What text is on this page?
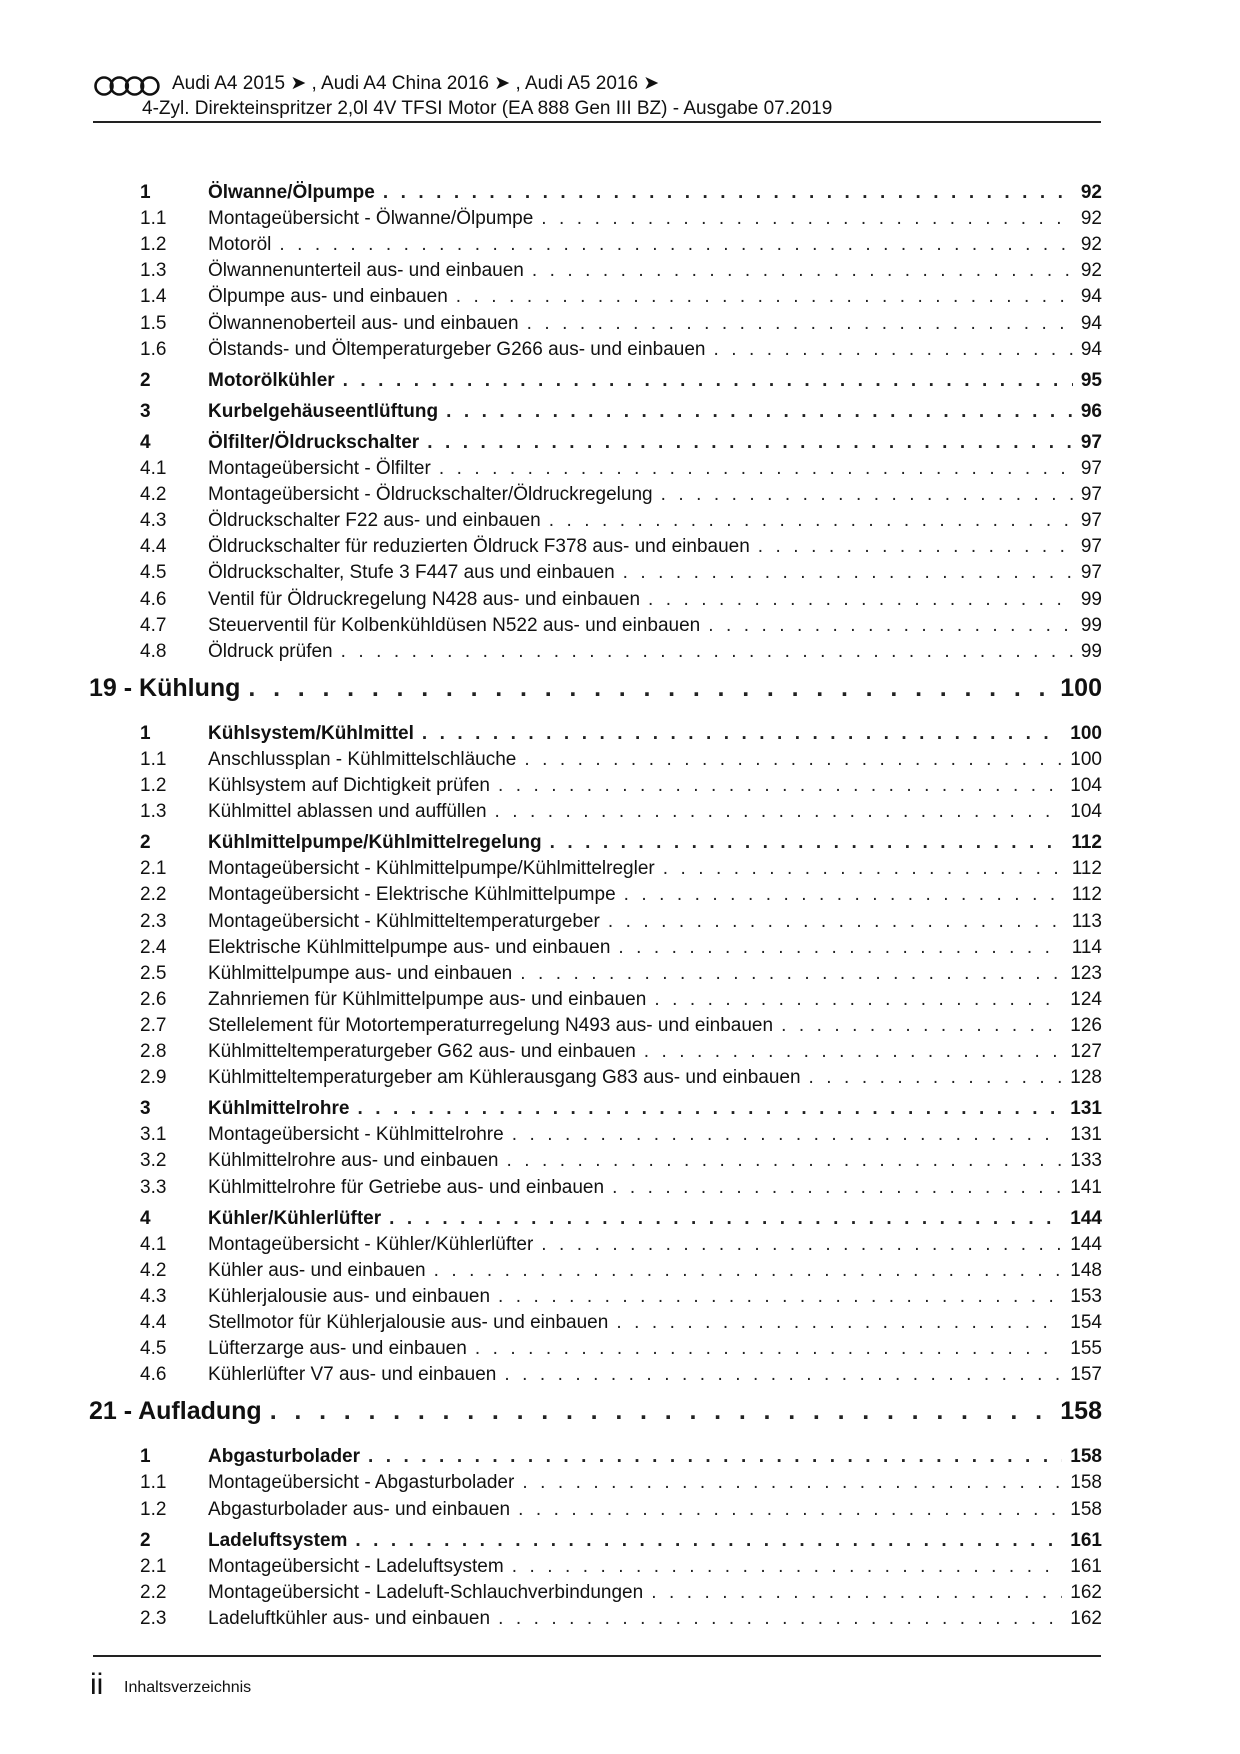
Audi A4 2015 ➤ , Audi A4 China 2016 ➤ , Audi A5 2016 ➤
4-Zyl. Direkteinspritzer 2,0l 4V TFSI Motor (EA 888 Gen III BZ) - Ausgabe 07.2019
1	Ölwanne/Ölpumpe . . .	92
1.1 Montageübersicht - Ölwanne/Ölpumpe . . .	92
1.2 Motoröl . . .	92
1.3 Ölwannenunterteil aus- und einbauen . . .	92
1.4 Ölpumpe aus- und einbauen . . .	94
1.5 Ölwannenoberteil aus- und einbauen . . .	94
1.6 Ölstands- und Öltemperaturgeber G266 aus- und einbauen . . .	94
2	Motorölkühler . . .	95
3	Kurbelgehäuseentlüftung . . .	96
4	Ölfilter/Öldruckschalter . . .	97
4.1 Montageübersicht - Ölfilter . . .	97
4.2 Montageübersicht - Öldruckschalter/Öldruckregelung . . .	97
4.3 Öldruckschalter F22 aus- und einbauen . . .	97
4.4 Öldruckschalter für reduzierten Öldruck F378 aus- und einbauen . . .	97
4.5 Öldruckschalter, Stufe 3 F447 aus und einbauen . . .	97
4.6 Ventil für Öldruckregelung N428 aus- und einbauen . . .	99
4.7 Steuerventil für Kolbenkühldüsen N522 aus- und einbauen . . .	99
4.8 Öldruck prüfen . . .	99
19 - Kühlung . . .	100
1	Kühlsystem/Kühlmittel . . .	100
1.1 Anschlussplan - Kühlmittelschläuche . . .	100
1.2 Kühlsystem auf Dichtigkeit prüfen . . .	104
1.3 Kühlmittel ablassen und auffüllen . . .	104
2	Kühlmittelpumpe/Kühlmittelregelung . . .	112
2.1 Montageübersicht - Kühlmittelpumpe/Kühlmittelregler . . .	112
2.2 Montageübersicht - Elektrische Kühlmittelpumpe . . .	112
2.3 Montageübersicht - Kühlmitteltemperaturgeber . . .	113
2.4 Elektrische Kühlmittelpumpe aus- und einbauen . . .	114
2.5 Kühlmittelpumpe aus- und einbauen . . .	123
2.6 Zahnriemen für Kühlmittelpumpe aus- und einbauen . . .	124
2.7 Stellelement für Motortemperaturregelung N493 aus- und einbauen . . .	126
2.8 Kühlmitteltemperaturgeber G62 aus- und einbauen . . .	127
2.9 Kühlmitteltemperaturgeber am Kühlerausgang G83 aus- und einbauen . . .	128
3	Kühlmittelrohre . . .	131
3.1 Montageübersicht - Kühlmittelrohre . . .	131
3.2 Kühlmittelrohre aus- und einbauen . . .	133
3.3 Kühlmittelrohre für Getriebe aus- und einbauen . . .	141
4	Kühler/Kühlerlüfter . . .	144
4.1 Montageübersicht - Kühler/Kühlerlüfter . . .	144
4.2 Kühler aus- und einbauen . . .	148
4.3 Kühlerjalousie aus- und einbauen . . .	153
4.4 Stellmotor für Kühlerjalousie aus- und einbauen . . .	154
4.5 Lüfterzarge aus- und einbauen . . .	155
4.6 Kühlerlüfter V7 aus- und einbauen . . .	157
21 - Aufladung . . .	158
1	Abgasturbolader . . .	158
1.1 Montageübersicht - Abgasturbolader . . .	158
1.2 Abgasturbolader aus- und einbauen . . .	158
2	Ladeluftsystem . . .	161
2.1 Montageübersicht - Ladeluftsystem . . .	161
2.2 Montageübersicht - Ladeluft-Schlauchverbindungen . . .	162
2.3 Ladeluftkühler aus- und einbauen . . .	162
ii Inhaltsverzeichnis
